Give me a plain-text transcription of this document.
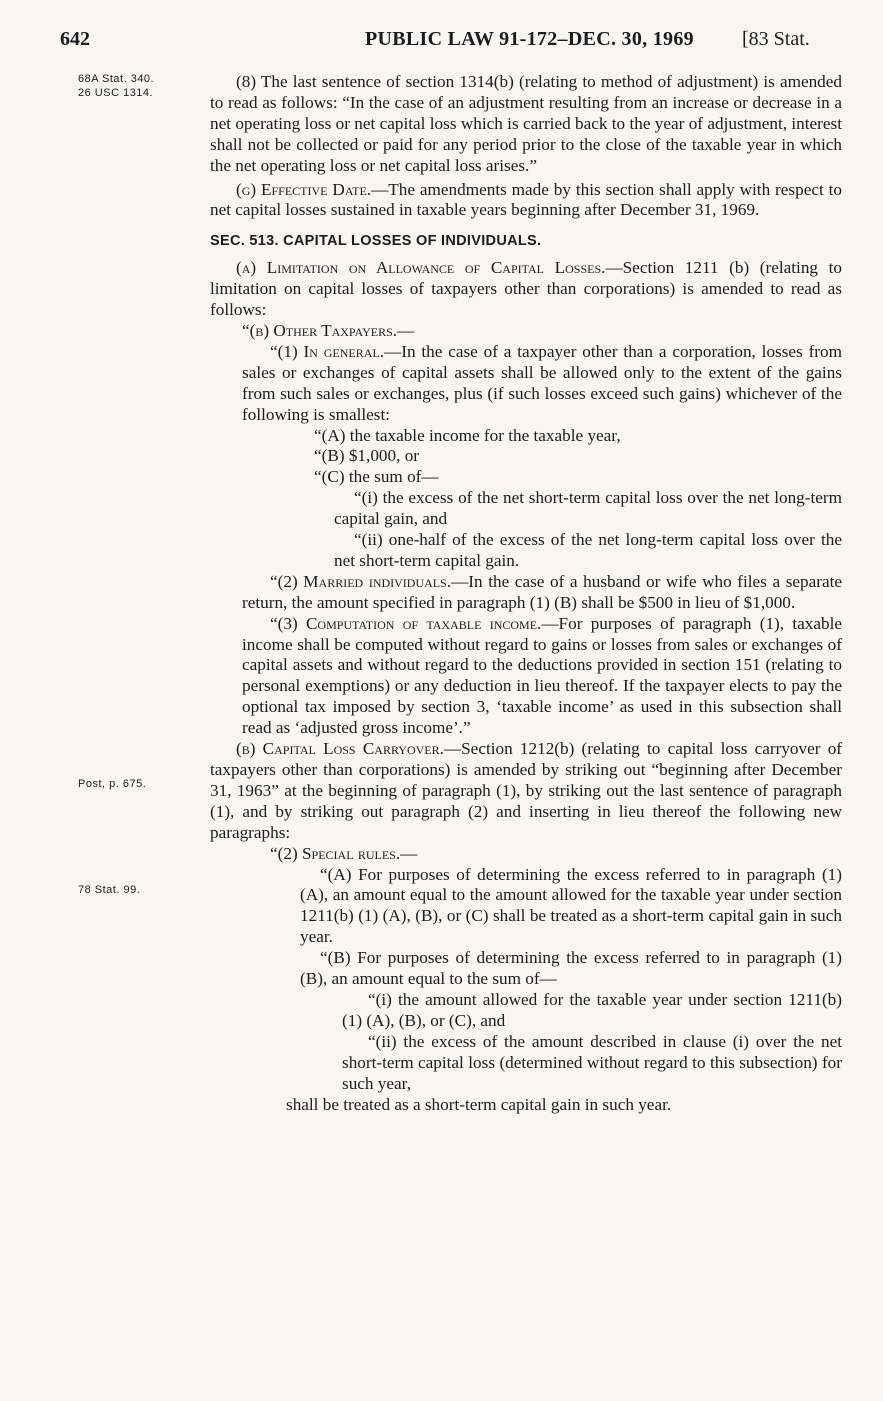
642	PUBLIC LAW 91-172–DEC. 30, 1969 [83 Stat.
68A Stat. 340.
26 USC 1314.
Post, p. 675.
78 Stat. 99.

(8) The last sentence of section 1314(b) (relating to method of adjustment) is amended to read as follows: “In the case of an adjustment resulting from an increase or decrease in a net operating loss or net capital loss which is carried back to the year of adjustment, interest shall not be collected or paid for any period prior to the close of the taxable year in which the net operating loss or net capital loss arises.”

(g) Effective Date.—The amendments made by this section shall apply with respect to net capital losses sustained in taxable years beginning after December 31, 1969.

SEC. 513. CAPITAL LOSSES OF INDIVIDUALS.

(a) Limitation on Allowance of Capital Losses.—Section 1211 (b) (relating to limitation on capital losses of taxpayers other than corporations) is amended to read as follows:

“(b) Other Taxpayers.—

“(1) In general.—In the case of a taxpayer other than a corporation, losses from sales or exchanges of capital assets shall be allowed only to the extent of the gains from such sales or exchanges, plus (if such losses exceed such gains) whichever of the following is smallest:

“(A) the taxable income for the taxable year,

“(B) $1,000, or

“(C) the sum of—

“(i) the excess of the net short-term capital loss over the net long-term capital gain, and

“(ii) one-half of the excess of the net long-term capital loss over the net short-term capital gain.

“(2) Married individuals.—In the case of a husband or wife who files a separate return, the amount specified in paragraph (1) (B) shall be $500 in lieu of $1,000.

“(3) Computation of taxable income.—For purposes of paragraph (1), taxable income shall be computed without regard to gains or losses from sales or exchanges of capital assets and without regard to the deductions provided in section 151 (relating to personal exemptions) or any deduction in lieu thereof. If the taxpayer elects to pay the optional tax imposed by section 3, ‘taxable income’ as used in this subsection shall read as ‘adjusted gross income’.”

(b) Capital Loss Carryover.—Section 1212(b) (relating to capital loss carryover of taxpayers other than corporations) is amended by striking out “beginning after December 31, 1963” at the beginning of paragraph (1), by striking out the last sentence of paragraph (1), and by striking out paragraph (2) and inserting in lieu thereof the following new paragraphs:

“(2) Special rules.—

“(A) For purposes of determining the excess referred to in paragraph (1) (A), an amount equal to the amount allowed for the taxable year under section 1211(b) (1) (A), (B), or (C) shall be treated as a short-term capital gain in such year.

“(B) For purposes of determining the excess referred to in paragraph (1) (B), an amount equal to the sum of—

“(i) the amount allowed for the taxable year under section 1211(b) (1) (A), (B), or (C), and

“(ii) the excess of the amount described in clause (i) over the net short-term capital loss (determined without regard to this subsection) for such year,

shall be treated as a short-term capital gain in such year.
